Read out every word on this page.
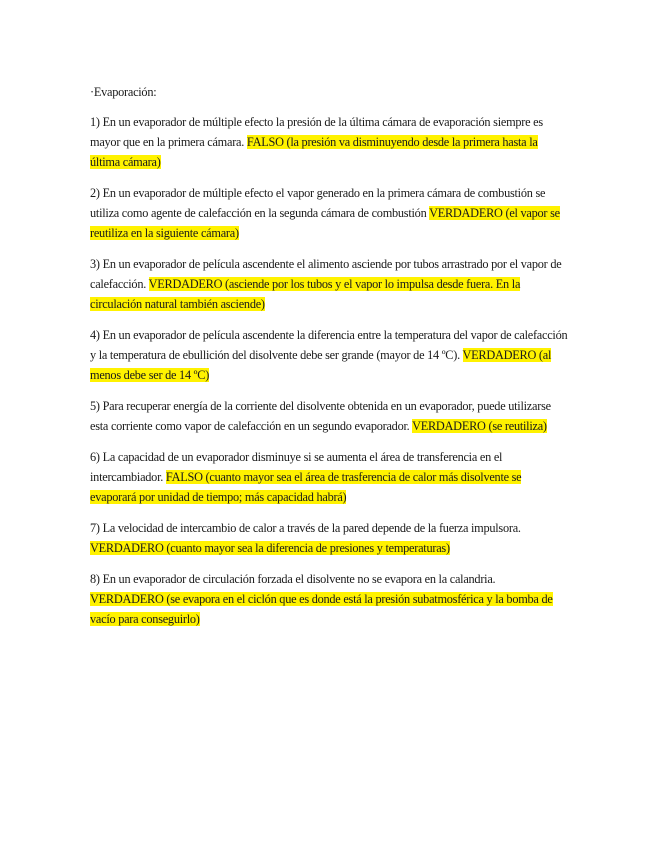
·Evaporación:

1) En un evaporador de múltiple efecto la presión de la última cámara de evaporación siempre es mayor que en la primera cámara. FALSO (la presión va disminuyendo desde la primera hasta la última cámara)

2) En un evaporador de múltiple efecto el vapor generado en la primera cámara de combustión se utiliza como agente de calefacción en la segunda cámara de combustión VERDADERO (el vapor se reutiliza en la siguiente cámara)

3) En un evaporador de película ascendente el alimento asciende por tubos arrastrado por el vapor de calefacción. VERDADERO (asciende por los tubos y el vapor lo impulsa desde fuera. En la circulación natural también asciende)

4) En un evaporador de película ascendente la diferencia entre la temperatura del vapor de calefacción y la temperatura de ebullición del disolvente debe ser grande (mayor de 14 ºC). VERDADERO (al menos debe ser de 14 ºC)

5) Para recuperar energía de la corriente del disolvente obtenida en un evaporador, puede utilizarse esta corriente como vapor de calefacción en un segundo evaporador. VERDADERO (se reutiliza)

6) La capacidad de un evaporador disminuye si se aumenta el área de transferencia en el intercambiador. FALSO (cuanto mayor sea el área de trasferencia de calor más disolvente se evaporará por unidad de tiempo; más capacidad habrá)

7) La velocidad de intercambio de calor a través de la pared depende de la fuerza impulsora. VERDADERO (cuanto mayor sea la diferencia de presiones y temperaturas)

8) En un evaporador de circulación forzada el disolvente no se evapora en la calandria. VERDADERO (se evapora en el ciclón que es donde está la presión subatmosférica y la bomba de vacío para conseguirlo)
